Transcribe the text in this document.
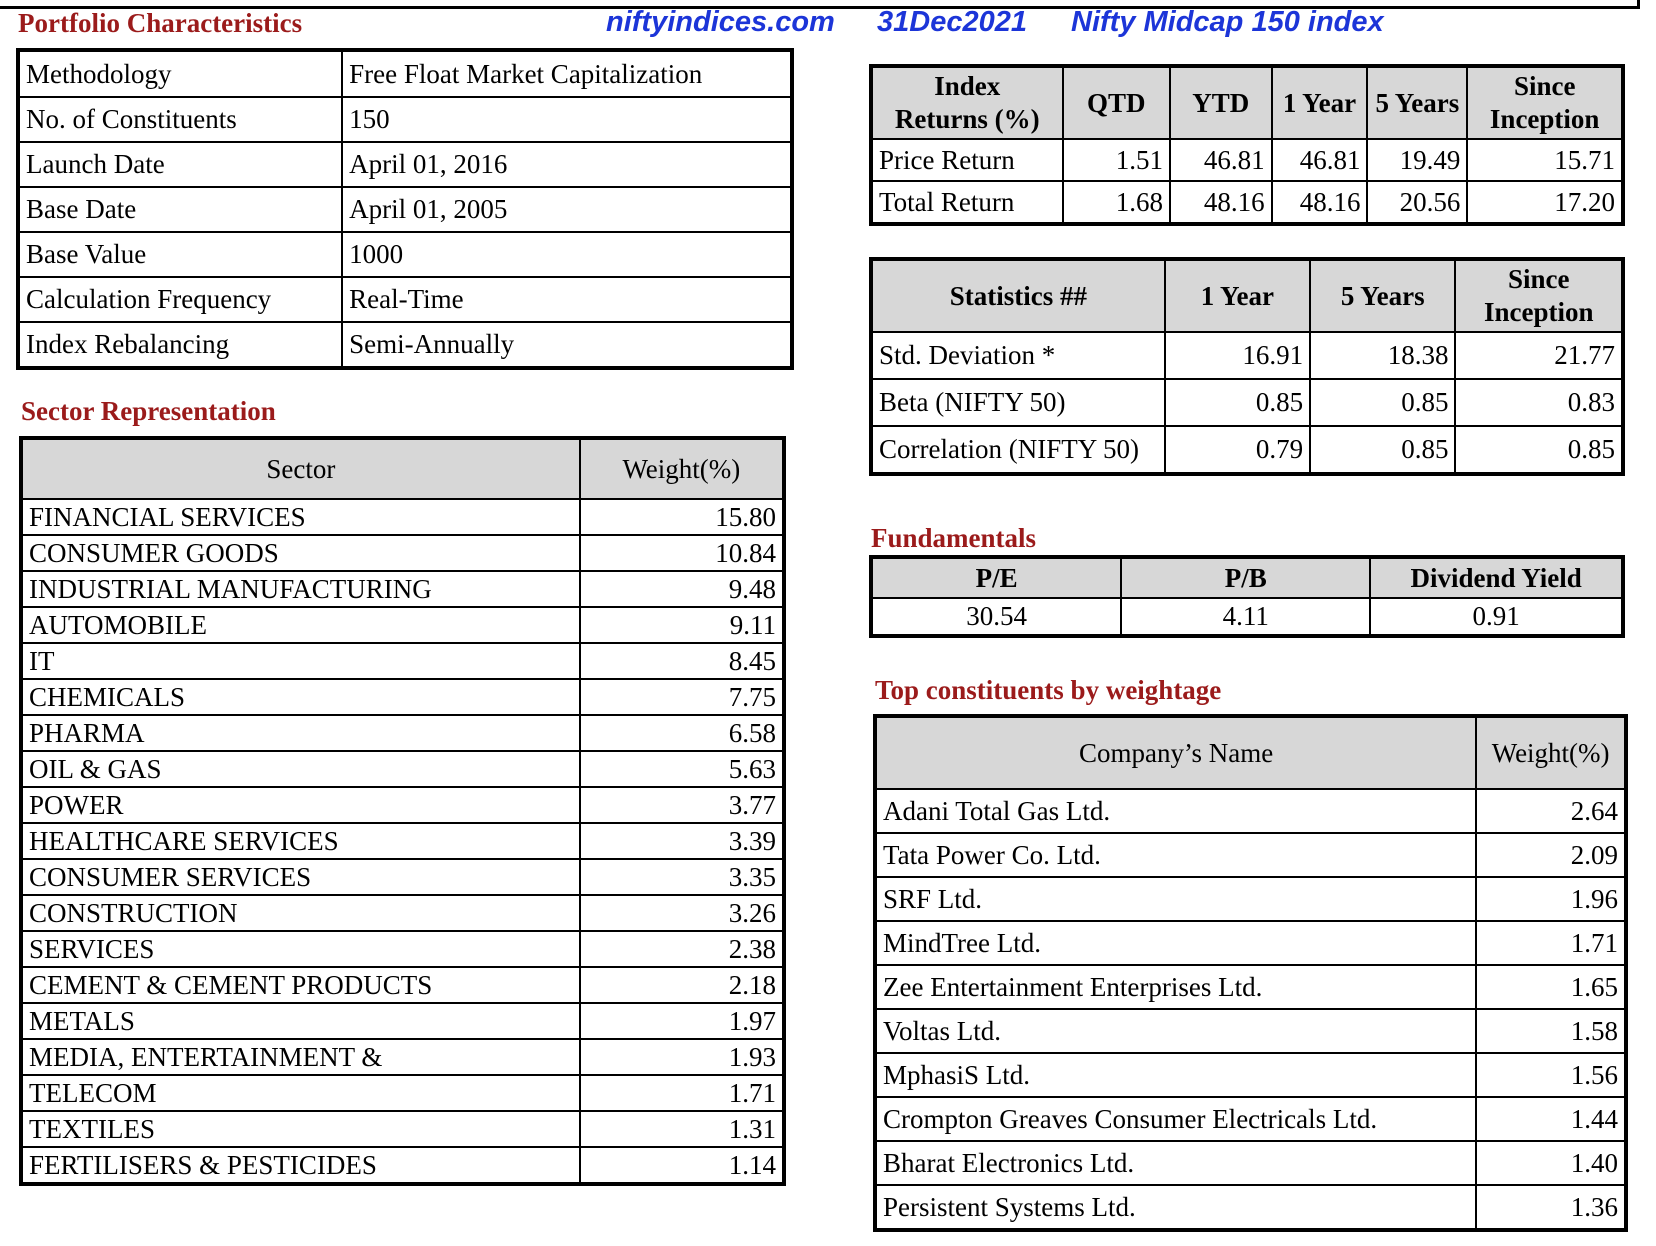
Portfolio Characteristics	niftyindices.com 31Dec2021 Nifty Midcap 150 index
Methodology	Free Float Market Capitalization
No. of Constituents	150
Launch Date	April 01, 2016
Base Date	April 01, 2005
Base Value	1000
Calculation Frequency	Real-Time
Index Rebalancing	Semi-Annually
Sector Representation
Sector	Weight(%)
FINANCIAL SERVICES	15.80
CONSUMER GOODS	10.84
INDUSTRIAL MANUFACTURING	9.48
AUTOMOBILE	9.11
IT	8.45
CHEMICALS	7.75
PHARMA	6.58
OIL & GAS	5.63
POWER	3.77
HEALTHCARE SERVICES	3.39
CONSUMER SERVICES	3.35
CONSTRUCTION	3.26
SERVICES	2.38
CEMENT & CEMENT PRODUCTS	2.18
METALS	1.97
MEDIA, ENTERTAINMENT &	1.93
TELECOM	1.71
TEXTILES	1.31
FERTILISERS & PESTICIDES	1.14
Index
Returns (%)	QTD	YTD	1 Year	5 Years	Since
Inception
Price Return	1.51	46.81	46.81	19.49	15.71
Total Return	1.68	48.16	48.16	20.56	17.20
Statistics ##	1 Year	5 Years	Since
Inception
Std. Deviation *	16.91	18.38	21.77
Beta (NIFTY 50)	0.85	0.85	0.83
Correlation (NIFTY 50)	0.79	0.85	0.85
Fundamentals
P/E	P/B	Dividend Yield
30.54	4.11	0.91
Top constituents by weightage
Company’s Name	Weight(%)
Adani Total Gas Ltd.	2.64
Tata Power Co. Ltd.	2.09
SRF Ltd.	1.96
MindTree Ltd.	1.71
Zee Entertainment Enterprises Ltd.	1.65
Voltas Ltd.	1.58
MphasiS Ltd.	1.56
Crompton Greaves Consumer Electricals Ltd.	1.44
Bharat Electronics Ltd.	1.40
Persistent Systems Ltd.	1.36
